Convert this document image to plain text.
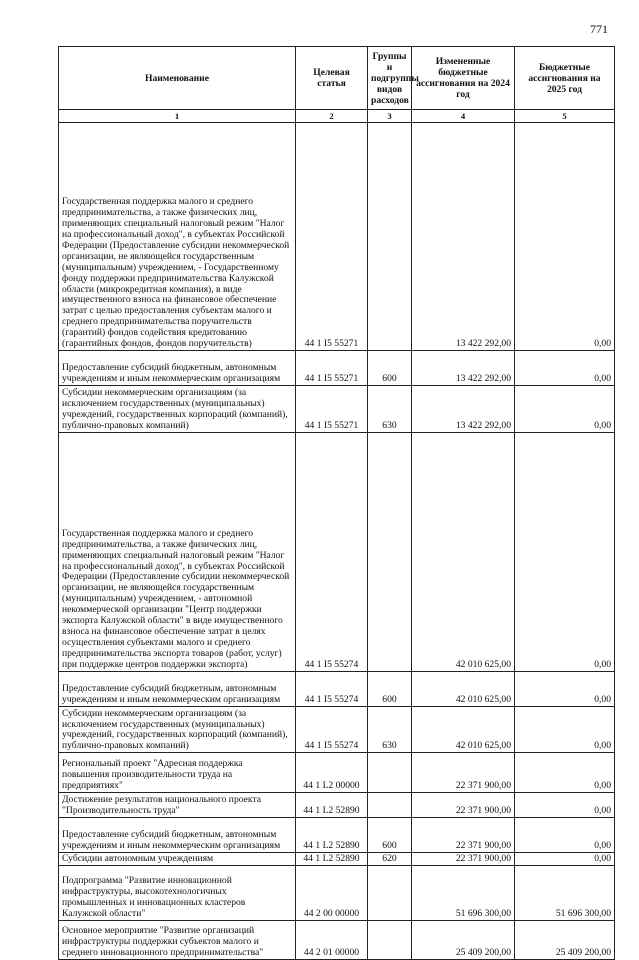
771
Наименование	Целевая статья	Группы и подгруппы видов расходов	Измененные бюджетные ассигнования на 2024 год	Бюджетные ассигнования на 2025 год
1	2	3	4	5
Государственная поддержка малого и среднего предпринимательства, а также физических лиц, применяющих специальный налоговый режим "Налог на профессиональный доход", в субъектах Российской Федерации (Предоставление субсидии некоммерческой организации, не являющейся государственным (муниципальным) учреждением, - Государственному фонду поддержки предпринимательства Калужской области (микрокредитная компания), в виде имущественного взноса на финансовое обеспечение затрат с целью предоставления субъектам малого и среднего предпринимательства поручительств (гарантий) фондов содействия кредитованию (гарантийных фондов, фондов поручительств)	44 1 I5 55271		13 422 292,00	0,00
Предоставление субсидий бюджетным, автономным учреждениям и иным некоммерческим организациям	44 1 I5 55271	600	13 422 292,00	0,00
Субсидии некоммерческим организациям (за исключением государственных (муниципальных) учреждений, государственных корпораций (компаний), публично-правовых компаний)	44 1 I5 55271	630	13 422 292,00	0,00
Государственная поддержка малого и среднего предпринимательства, а также физических лиц, применяющих специальный налоговый режим "Налог на профессиональный доход", в субъектах Российской Федерации (Предоставление субсидии некоммерческой организации, не являющейся государственным (муниципальным) учреждением, - автономной некоммерческой организации "Центр поддержки экспорта Калужской области" в виде имущественного взноса на финансовое обеспечение затрат в целях осуществления субъектами малого и среднего предпринимательства экспорта товаров (работ, услуг) при поддержке центров поддержки экспорта)	44 1 I5 55274		42 010 625,00	0,00
Предоставление субсидий бюджетным, автономным учреждениям и иным некоммерческим организациям	44 1 I5 55274	600	42 010 625,00	0,00
Субсидии некоммерческим организациям (за исключением государственных (муниципальных) учреждений, государственных корпораций (компаний), публично-правовых компаний)	44 1 I5 55274	630	42 010 625,00	0,00
Региональный проект "Адресная поддержка повышения производительности труда на предприятиях"	44 1 L2 00000		22 371 900,00	0,00
Достижение результатов национального проекта "Производительность труда"	44 1 L2 52890		22 371 900,00	0,00
Предоставление субсидий бюджетным, автономным учреждениям и иным некоммерческим организациям	44 1 L2 52890	600	22 371 900,00	0,00
Субсидии автономным учреждениям	44 1 L2 52890	620	22 371 900,00	0,00
Подпрограмма "Развитие инновационной инфраструктуры, высокотехнологичных промышленных и инновационных кластеров Калужской области"	44 2 00 00000		51 696 300,00	51 696 300,00
Основное мероприятие "Развитие организаций инфраструктуры поддержки субъектов малого и среднего инновационного предпринимательства"	44 2 01 00000		25 409 200,00	25 409 200,00
